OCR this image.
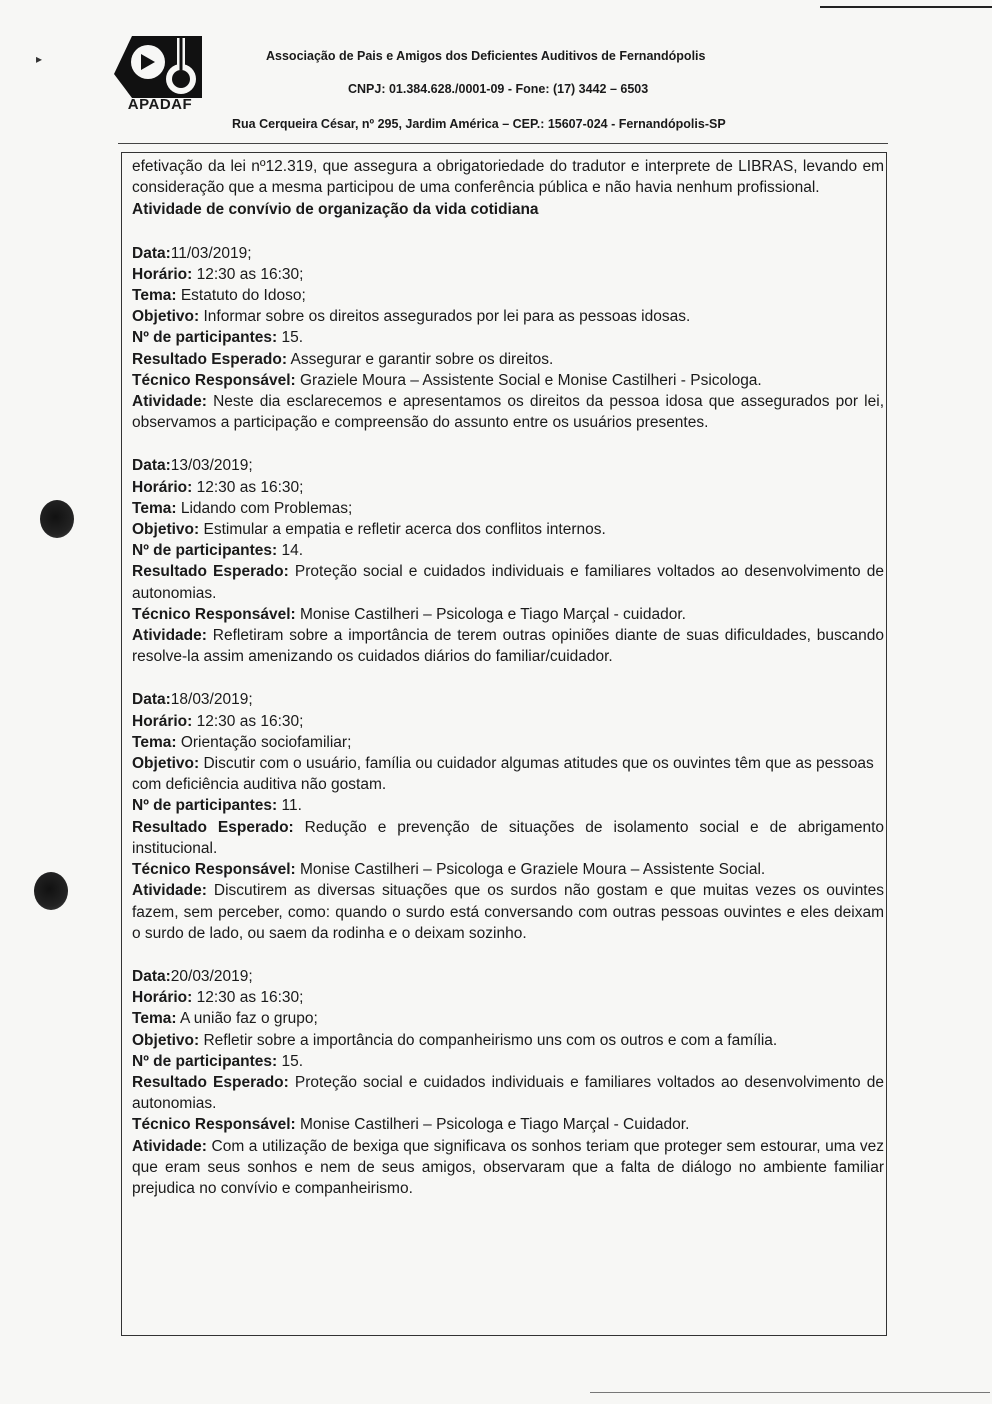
▸
APADAF
Associação de Pais e Amigos dos Deficientes Auditivos de Fernandópolis
CNPJ: 01.384.628./0001-09 - Fone: (17) 3442 – 6503
Rua Cerqueira César, nº 295, Jardim América – CEP.: 15607-024 - Fernandópolis-SP

efetivação da lei nº12.319, que assegura a obrigatoriedade do tradutor e interprete de LIBRAS, levando em consideração que a mesma participou de uma conferência pública e não havia nenhum profissional.

Atividade de convívio de organização da vida cotidiana

Data:11/03/2019;

Horário: 12:30 as 16:30;

Tema: Estatuto do Idoso;

Objetivo: Informar sobre os direitos assegurados por lei para as pessoas idosas.

Nº de participantes: 15.

Resultado Esperado: Assegurar e garantir sobre os direitos.

Técnico Responsável: Graziele Moura – Assistente Social e Monise Castilheri - Psicologa.

Atividade: Neste dia esclarecemos e apresentamos os direitos da pessoa idosa que assegurados por lei, observamos a participação e compreensão do assunto entre os usuários presentes.

Data:13/03/2019;

Horário: 12:30 as 16:30;

Tema: Lidando com Problemas;

Objetivo: Estimular a empatia e refletir acerca dos conflitos internos.

Nº de participantes: 14.

Resultado Esperado: Proteção social e cuidados individuais e familiares voltados ao desenvolvimento de autonomias.

Técnico Responsável: Monise Castilheri – Psicologa e Tiago Marçal - cuidador.

Atividade: Refletiram sobre a importância de terem outras opiniões diante de suas dificuldades, buscando resolve-la assim amenizando os cuidados diários do familiar/cuidador.

Data:18/03/2019;

Horário: 12:30 as 16:30;

Tema: Orientação sociofamiliar;

Objetivo: Discutir com o usuário, família ou cuidador algumas atitudes que os ouvintes têm que as pessoas com deficiência auditiva não gostam.

Nº de participantes: 11.

Resultado Esperado: Redução e prevenção de situações de isolamento social e de abrigamento institucional.

Técnico Responsável: Monise Castilheri – Psicologa e Graziele Moura – Assistente Social.

Atividade: Discutirem as diversas situações que os surdos não gostam e que muitas vezes os ouvintes fazem, sem perceber, como: quando o surdo está conversando com outras pessoas ouvintes e eles deixam o surdo de lado, ou saem da rodinha e o deixam sozinho.

Data:20/03/2019;

Horário: 12:30 as 16:30;

Tema: A união faz o grupo;

Objetivo: Refletir sobre a importância do companheirismo uns com os outros e com a família.

Nº de participantes: 15.

Resultado Esperado: Proteção social e cuidados individuais e familiares voltados ao desenvolvimento de autonomias.

Técnico Responsável: Monise Castilheri – Psicologa e Tiago Marçal - Cuidador.

Atividade: Com a utilização de bexiga que significava os sonhos teriam que proteger sem estourar, uma vez que eram seus sonhos e nem de seus amigos, observaram que a falta de diálogo no ambiente familiar prejudica no convívio e companheirismo.
